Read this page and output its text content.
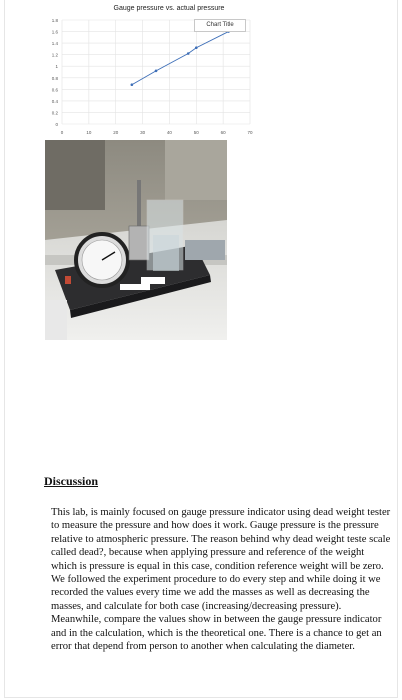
0
0.2
0.4
0.6
0.8
1
1.2
1.4
1.6
1.8
0	10	20	30	40	50	60	70
Gauge pressure vs. actual pressure
Chart Title
Discussion
This lab, is mainly focused on gauge pressure indicator using dead weight tester to measure the pressure and how does it work. Gauge pressure is the pressure relative to atmospheric pressure. The reason behind why dead weight teste scale called dead?, because when applying pressure and reference of the weight which is pressure is equal in this case, condition reference weight will be zero. We followed the experiment procedure to do every step and while doing it we recorded the values every time we add the masses as well as decreasing the masses, and calculate for both case (increasing/decreasing pressure). Meanwhile, compare the values show in between the gauge pressure indicator and in the calculation, which is the theoretical one. There is a chance to get an error that depend from person to another when calculating the diameter.
